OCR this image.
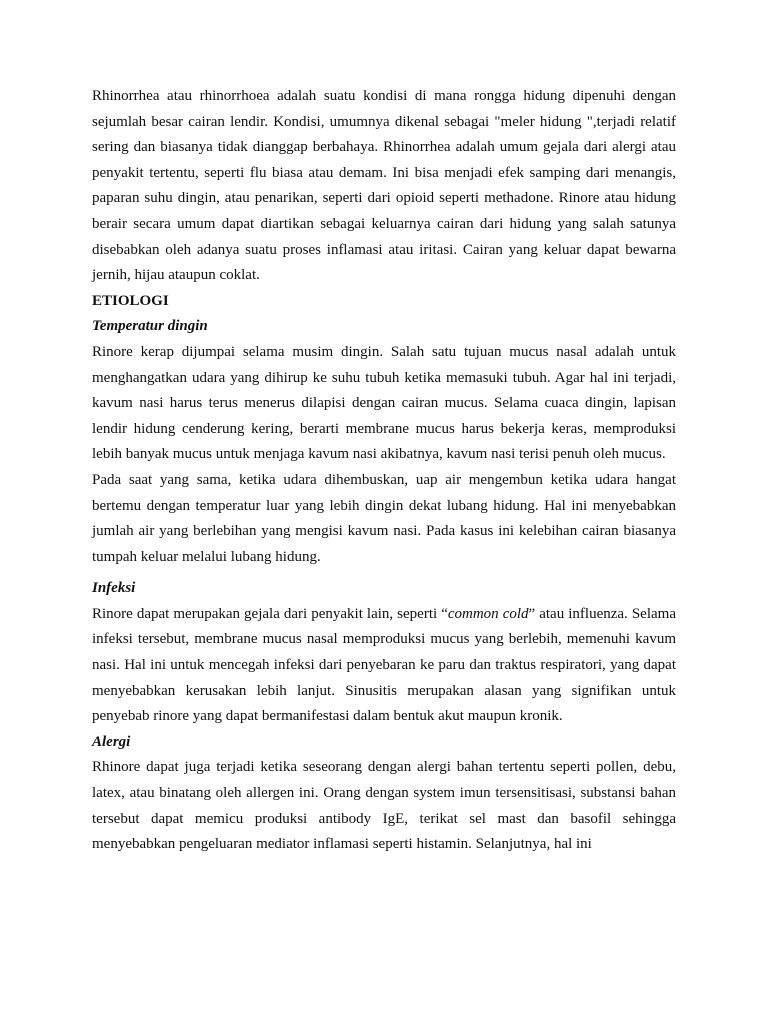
Rhinorrhea atau rhinorrhoea adalah suatu kondisi di mana rongga hidung dipenuhi dengan sejumlah besar cairan lendir. Kondisi, umumnya dikenal sebagai "meler hidung ",terjadi relatif sering dan biasanya tidak dianggap berbahaya. Rhinorrhea adalah umum gejala dari alergi atau penyakit tertentu, seperti flu biasa atau demam. Ini bisa menjadi efek samping dari menangis, paparan suhu dingin, atau penarikan, seperti dari opioid seperti methadone. Rinore atau hidung berair secara umum dapat diartikan sebagai keluarnya cairan dari hidung yang salah satunya disebabkan oleh adanya suatu proses inflamasi atau iritasi. Cairan yang keluar dapat bewarna jernih, hijau ataupun coklat.

ETIOLOGI

Temperatur dingin

Rinore kerap dijumpai selama musim dingin. Salah satu tujuan mucus nasal adalah untuk menghangatkan udara yang dihirup ke suhu tubuh ketika memasuki tubuh. Agar hal ini terjadi, kavum nasi harus terus menerus dilapisi dengan cairan mucus. Selama cuaca dingin, lapisan lendir hidung cenderung kering, berarti membrane mucus harus bekerja keras, memproduksi lebih banyak mucus untuk menjaga kavum nasi akibatnya, kavum nasi terisi penuh oleh mucus.

Pada saat yang sama, ketika udara dihembuskan, uap air mengembun ketika udara hangat bertemu dengan temperatur luar yang lebih dingin dekat lubang hidung. Hal ini menyebabkan jumlah air yang berlebihan yang mengisi kavum nasi. Pada kasus ini kelebihan cairan biasanya tumpah keluar melalui lubang hidung.

Infeksi

Rinore dapat merupakan gejala dari penyakit lain, seperti “common cold” atau influenza. Selama infeksi tersebut, membrane mucus nasal memproduksi mucus yang berlebih, memenuhi kavum nasi. Hal ini untuk mencegah infeksi dari penyebaran ke paru dan traktus respiratori, yang dapat menyebabkan kerusakan lebih lanjut. Sinusitis merupakan alasan yang signifikan untuk penyebab rinore yang dapat bermanifestasi dalam bentuk akut maupun kronik.

Alergi

Rhinore dapat juga terjadi ketika seseorang dengan alergi bahan tertentu seperti pollen, debu, latex, atau binatang oleh allergen ini. Orang dengan system imun tersensitisasi, substansi bahan tersebut dapat memicu produksi antibody IgE, terikat sel mast dan basofil sehingga menyebabkan pengeluaran mediator inflamasi seperti histamin. Selanjutnya, hal ini
